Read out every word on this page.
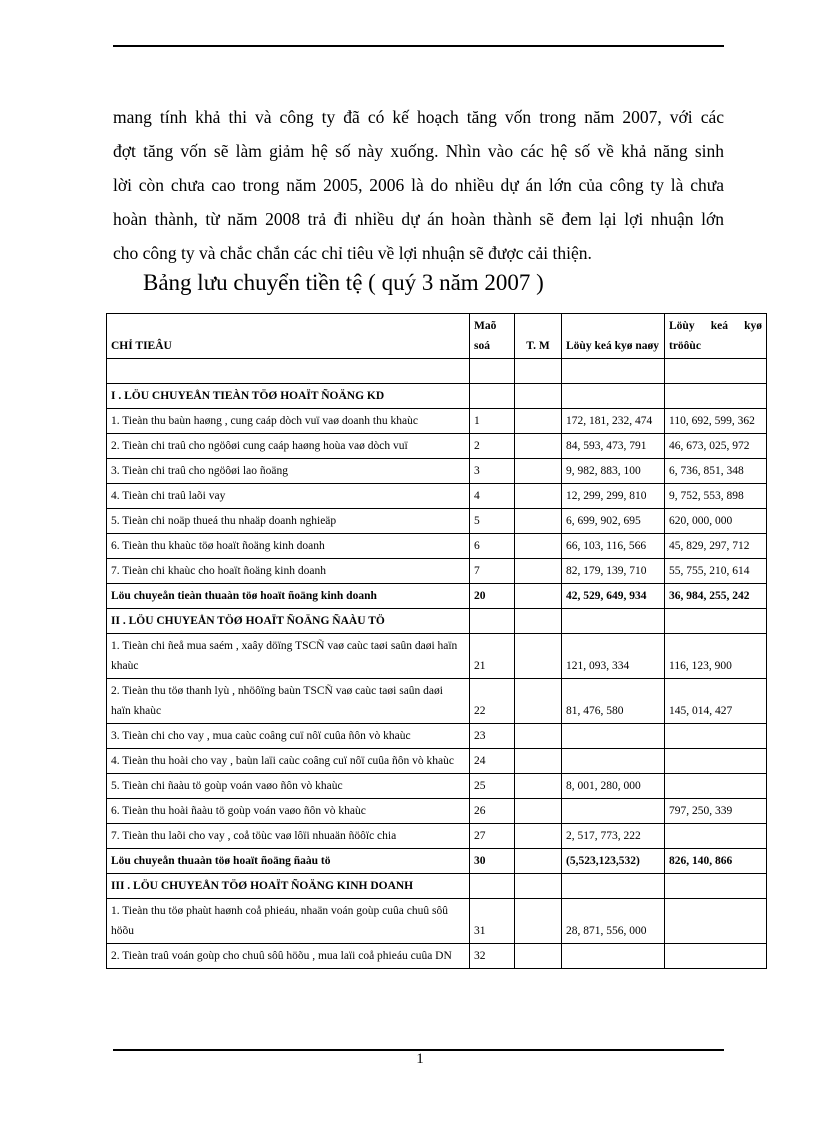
mang tính khả thi và công ty đã có kế hoạch tăng vốn trong năm 2007, với các
đợt tăng vốn sẽ làm giảm hệ số này xuống. Nhìn vào các hệ số về khả năng sinh
lời còn chưa cao trong năm 2005, 2006 là do nhiều dự án lớn của công ty là chưa
hoàn thành, từ năm 2008 trả đi nhiều dự án hoàn thành sẽ đem lại lợi nhuận lớn
cho công ty và chắc chắn các chỉ tiêu về lợi nhuận sẽ được cải thiện.
Bảng lưu chuyển tiền tệ ( quý 3 năm 2007 )
CHỈ TIEÂU	Maõ soá	T. M	Löùy keá kyø naøy	Löùy keá kyø tröôùc

I . LÖU CHUYEÅN TIEÀN TÖØ HOAÏT ÑOÄNG KD				
1. Tieàn thu baùn haøng , cung caáp dòch vuï vaø doanh thu khaùc	1		172, 181, 232, 474	110, 692, 599, 362
2. Tieàn chi traû cho ngöôøi cung caáp haøng hoùa vaø dòch vuï	2		84, 593, 473, 791	46, 673, 025, 972
3. Tieàn chi traû cho ngöôøi lao ñoäng	3		9, 982, 883, 100	6, 736, 851, 348
4. Tieàn chi traû laõi vay	4		12, 299, 299, 810	9, 752, 553, 898
5. Tieàn chi noäp thueá thu nhaäp doanh nghieäp	5		6, 699, 902, 695	620, 000, 000
6. Tieàn thu khaùc töø hoaït ñoäng kinh doanh	6		66, 103, 116, 566	45, 829, 297, 712
7. Tieàn chi khaùc cho hoaït ñoäng kinh doanh	7		82, 179, 139, 710	55, 755, 210, 614
Löu chuyeån tieàn thuaàn töø hoaït ñoäng kinh doanh	20		42, 529, 649, 934	36, 984, 255, 242
II . LÖU CHUYEÅN TÖØ HOAÏT ÑOÄNG ÑAÀU TÖ				
1. Tieàn chi ñeå mua saém , xaây döïng TSCÑ vaø caùc taøi saûn daøi haïn khaùc	21		121, 093, 334	116, 123, 900
2. Tieàn thu töø thanh lyù , nhöôïng baùn TSCÑ vaø caùc taøi saûn daøi haïn khaùc	22		81, 476, 580	145, 014, 427
3. Tieàn chi cho vay , mua caùc coâng cuï nôï cuûa ñôn vò khaùc	23			
4. Tieàn thu hoài cho vay , baùn laïi caùc coâng cuï nôï cuûa ñôn vò khaùc	24			
5. Tieàn chi ñaàu tö goùp voán vaøo ñôn vò khaùc	25		8, 001, 280, 000	
6. Tieàn thu hoài ñaàu tö goùp voán vaøo ñôn vò khaùc	26			797, 250, 339
7. Tieàn thu laõi cho vay , coå töùc vaø lôïi nhuaän ñöôïc chia	27		2, 517, 773, 222	
Löu chuyeån thuaàn töø hoaït ñoäng ñaàu tö	30		(5,523,123,532)	826, 140, 866
III . LÖU CHUYEÅN TÖØ HOAÏT ÑOÄNG KINH DOANH				
1. Tieàn thu töø phaùt haønh coå phieáu, nhaän voán goùp cuûa chuû sôû höõu	31		28, 871, 556, 000	
2. Tieàn traû voán goùp cho chuû sôû höõu , mua laïi coå phieáu cuûa DN	32			
1
